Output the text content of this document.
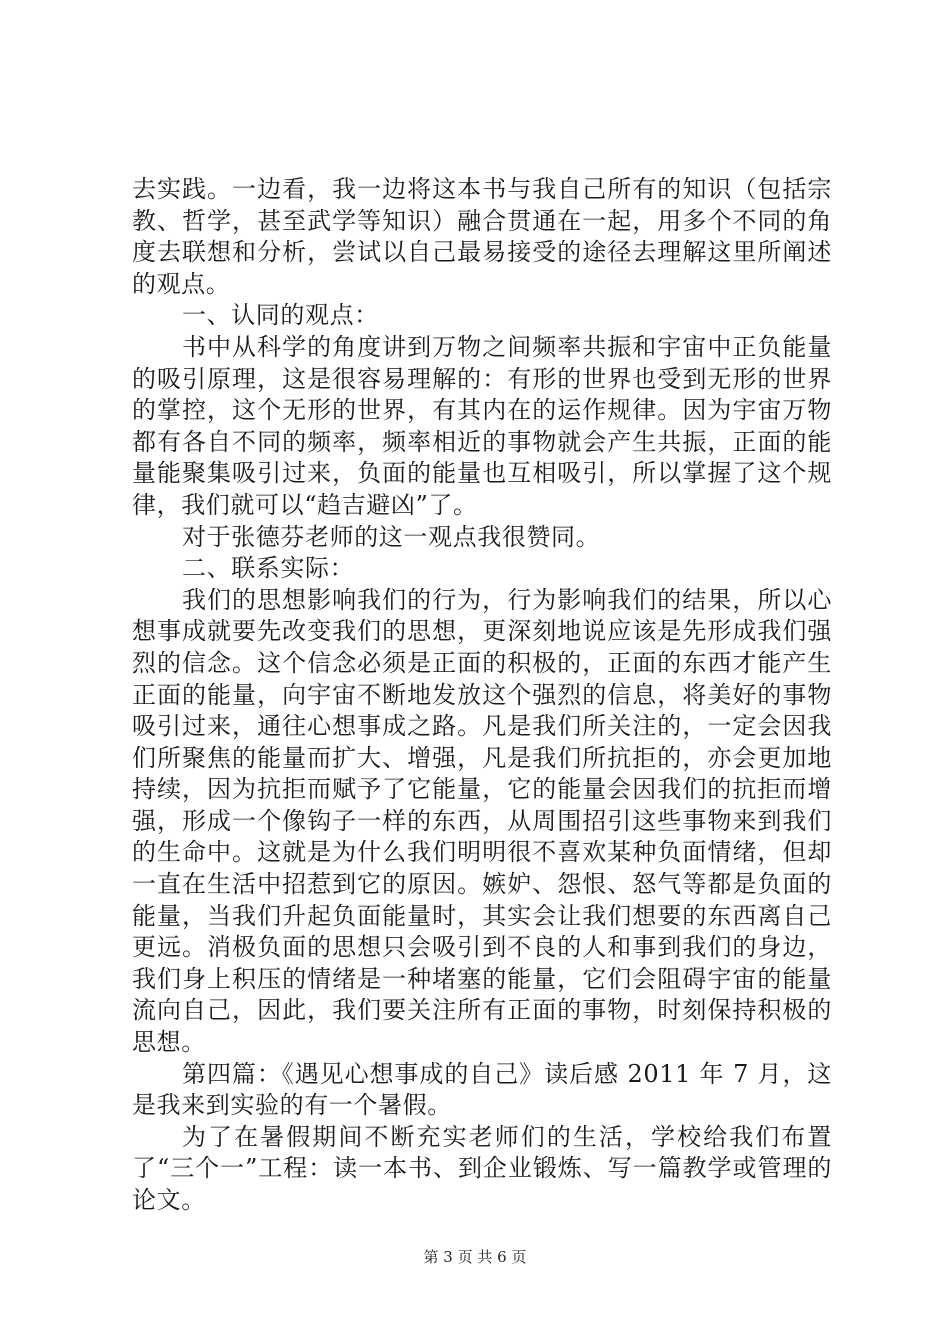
去实践。一边看，我一边将这本书与我自己所有的知识（包括宗教、哲学，甚至武学等知识）融合贯通在一起，用多个不同的角度去联想和分析，尝试以自己最易接受的途径去理解这里所阐述的观点。

一、认同的观点：

书中从科学的角度讲到万物之间频率共振和宇宙中正负能量的吸引原理，这是很容易理解的：有形的世界也受到无形的世界的掌控，这个无形的世界，有其内在的运作规律。因为宇宙万物都有各自不同的频率，频率相近的事物就会产生共振，正面的能量能聚集吸引过来，负面的能量也互相吸引，所以掌握了这个规律，我们就可以“趋吉避凶”了。

对于张德芬老师的这一观点我很赞同。

二、联系实际：

我们的思想影响我们的行为，行为影响我们的结果，所以心想事成就要先改变我们的思想，更深刻地说应该是先形成我们强烈的信念。这个信念必须是正面的积极的，正面的东西才能产生正面的能量，向宇宙不断地发放这个强烈的信息，将美好的事物吸引过来，通往心想事成之路。凡是我们所关注的，一定会因我们所聚焦的能量而扩大、增强，凡是我们所抗拒的，亦会更加地持续，因为抗拒而赋予了它能量，它的能量会因我们的抗拒而增强，形成一个像钩子一样的东西，从周围招引这些事物来到我们的生命中。这就是为什么我们明明很不喜欢某种负面情绪，但却一直在生活中招惹到它的原因。嫉妒、怨恨、怒气等都是负面的能量，当我们升起负面能量时，其实会让我们想要的东西离自己更远。消极负面的思想只会吸引到不良的人和事到我们的身边，我们身上积压的情绪是一种堵塞的能量，它们会阻碍宇宙的能量流向自己，因此，我们要关注所有正面的事物，时刻保持积极的思想。

第四篇：《遇见心想事成的自己》读后感 2011 年 7 月，这是我来到实验的有一个暑假。

为了在暑假期间不断充实老师们的生活，学校给我们布置了“三个一”工程：读一本书、到企业锻炼、写一篇教学或管理的论文。

第 3 页 共 6 页
